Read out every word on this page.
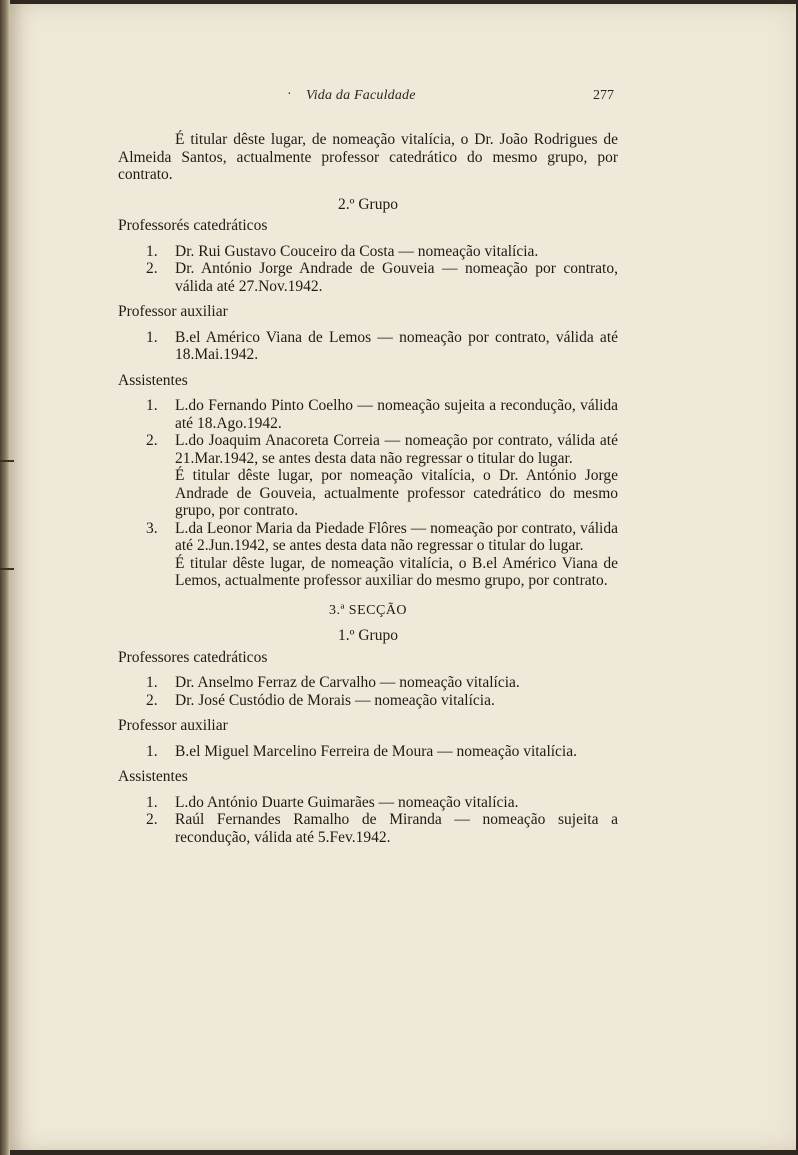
· Vida da Faculdade	277

É titular dêste lugar, de nomeação vitalícia, o Dr. João Rodrigues de Almeida Santos, actualmente professor catedrático do mesmo grupo, por contrato.

2.º Grupo

Professorés catedráticos

1. Dr. Rui Gustavo Couceiro da Costa — nomeação vitalícia.
2. Dr. António Jorge Andrade de Gouveia — nomeação por contrato, válida até 27.Nov.1942.

Professor auxiliar

1. B.el Américo Viana de Lemos — nomeação por contrato, válida até 18.Mai.1942.

Assistentes

1. L.do Fernando Pinto Coelho — nomeação sujeita a recondução, válida até 18.Ago.1942.
2. L.do Joaquim Anacoreta Correia — nomeação por contrato, válida até 21.Mar.1942, se antes desta data não regressar o titular do lugar.
É titular dêste lugar, por nomeação vitalícia, o Dr. António Jorge Andrade de Gouveia, actualmente professor catedrático do mesmo grupo, por contrato.
3. L.da Leonor Maria da Piedade Flôres — nomeação por contrato, válida até 2.Jun.1942, se antes desta data não regressar o titular do lugar.
É titular dêste lugar, de nomeação vitalícia, o B.el Américo Viana de Lemos, actualmente professor auxiliar do mesmo grupo, por contrato.

3.ª SECÇÃO

1.º Grupo

Professores catedráticos

1. Dr. Anselmo Ferraz de Carvalho — nomeação vitalícia.
2. Dr. José Custódio de Morais — nomeação vitalícia.

Professor auxiliar

1. B.el Miguel Marcelino Ferreira de Moura — nomeação vitalícia.

Assistentes

1. L.do António Duarte Guimarães — nomeação vitalícia.
2. Raúl Fernandes Ramalho de Miranda — nomeação sujeita a recondução, válida até 5.Fev.1942.
